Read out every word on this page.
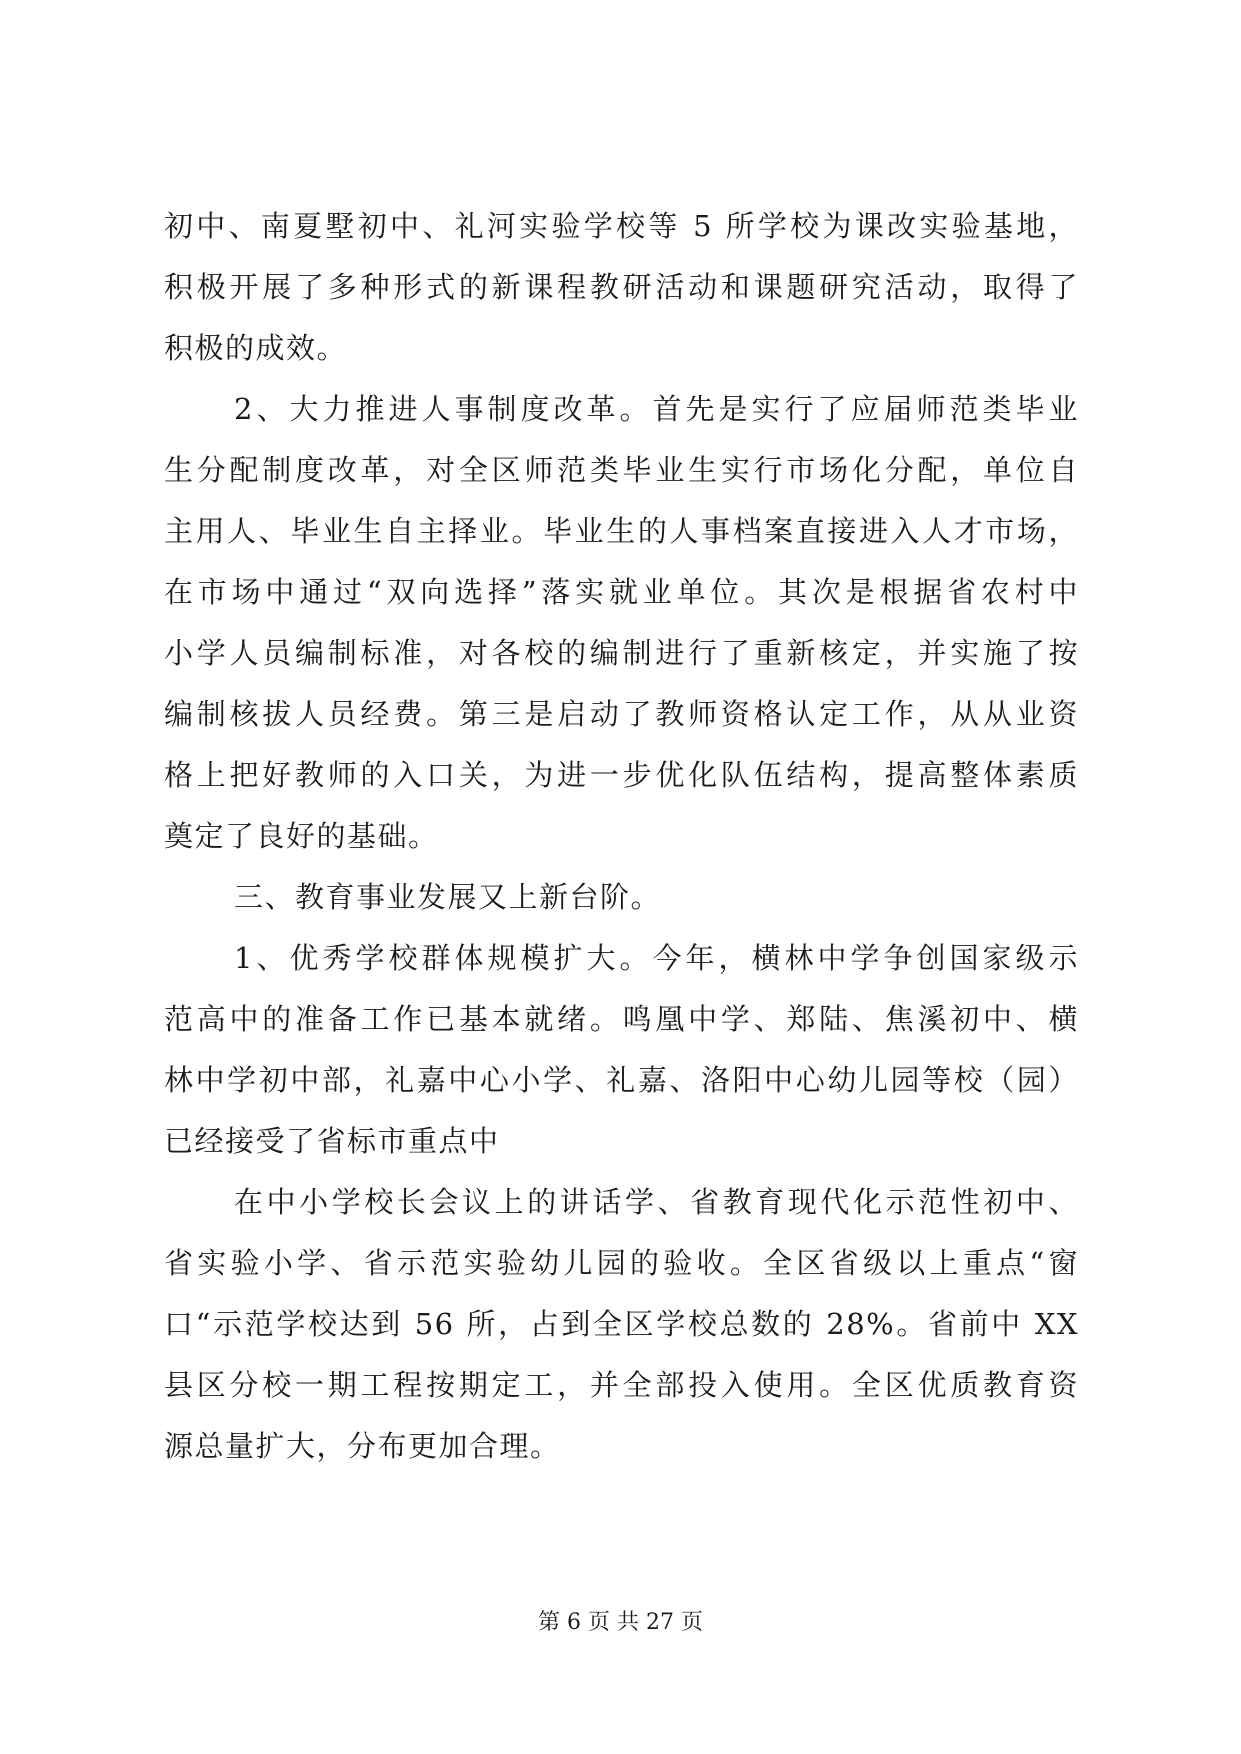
初中、南夏墅初中、礼河实验学校等 5 所学校为课改实验基地，
积极开展了多种形式的新课程教研活动和课题研究活动，取得了
积极的成效。
2、大力推进人事制度改革。首先是实行了应届师范类毕业
生分配制度改革，对全区师范类毕业生实行市场化分配，单位自
主用人、毕业生自主择业。毕业生的人事档案直接进入人才市场，
在市场中通过“双向选择”落实就业单位。其次是根据省农村中
小学人员编制标准，对各校的编制进行了重新核定，并实施了按
编制核拔人员经费。第三是启动了教师资格认定工作，从从业资
格上把好教师的入口关，为进一步优化队伍结构，提高整体素质
奠定了良好的基础。
三、教育事业发展又上新台阶。
1、优秀学校群体规模扩大。今年，横林中学争创国家级示
范高中的准备工作已基本就绪。鸣凰中学、郑陆、焦溪初中、横
林中学初中部，礼嘉中心小学、礼嘉、洛阳中心幼儿园等校（园）
已经接受了省标市重点中
在中小学校长会议上的讲话学、省教育现代化示范性初中、
省实验小学、省示范实验幼儿园的验收。全区省级以上重点“窗
口“示范学校达到 56 所，占到全区学校总数的 28%。省前中 XX
县区分校一期工程按期定工，并全部投入使用。全区优质教育资
源总量扩大，分布更加合理。
第 6 页 共 27 页
